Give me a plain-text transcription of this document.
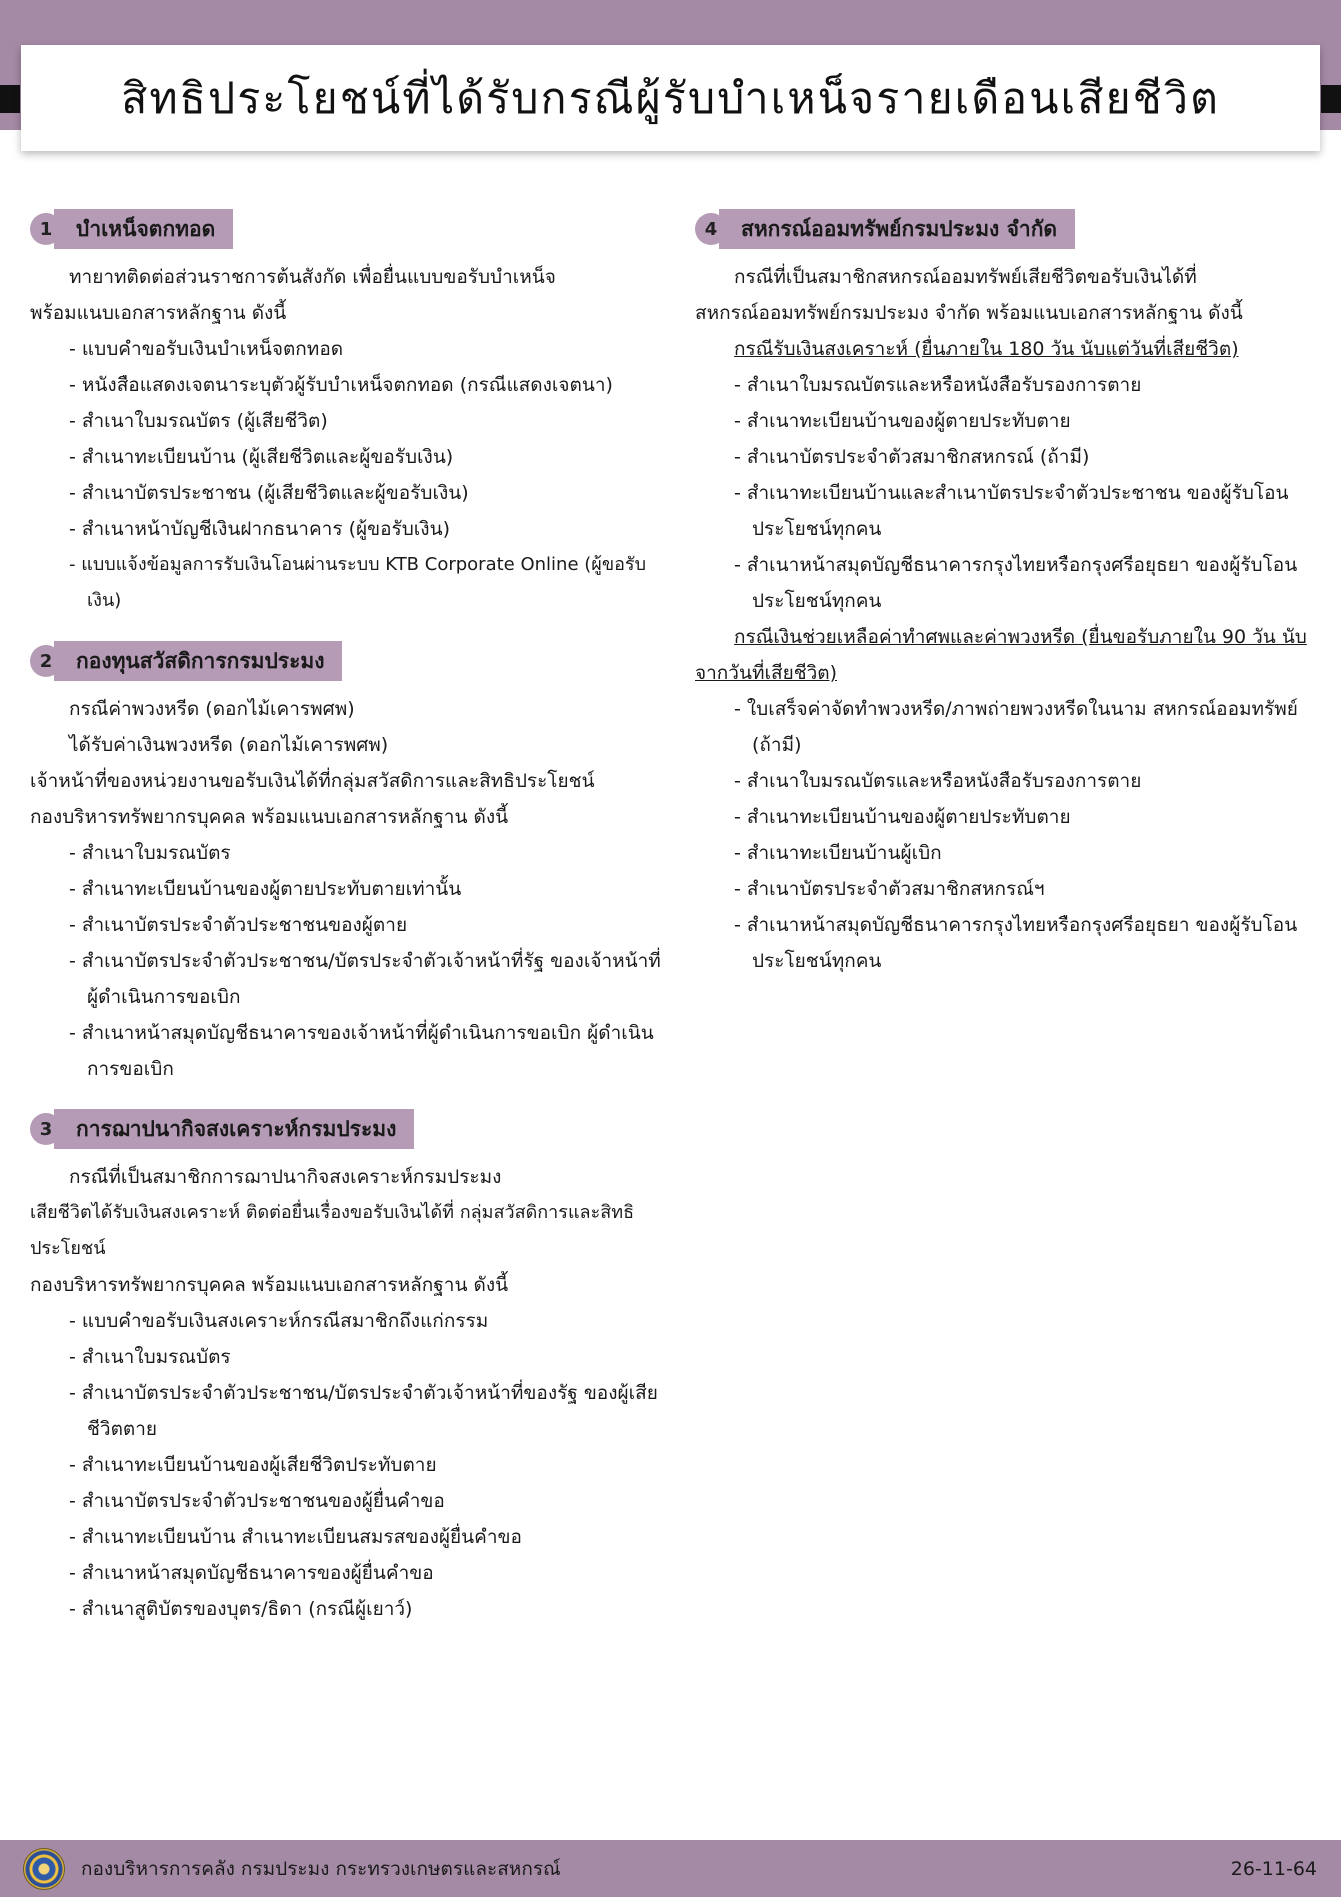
สิทธิประโยชน์ที่ได้รับกรณีผู้รับบำเหน็จรายเดือนเสียชีวิต
1	บำเหน็จตกทอด

ทายาทติดต่อส่วนราชการต้นสังกัด เพื่อยื่นแบบขอรับบำเหน็จ

พร้อมแนบเอกสารหลักฐาน ดังนี้

- แบบคำขอรับเงินบำเหน็จตกทอด
- หนังสือแสดงเจตนาระบุตัวผู้รับบำเหน็จตกทอด (กรณีแสดงเจตนา)
- สำเนาใบมรณบัตร (ผู้เสียชีวิต)
- สำเนาทะเบียนบ้าน (ผู้เสียชีวิตและผู้ขอรับเงิน)
- สำเนาบัตรประชาชน (ผู้เสียชีวิตและผู้ขอรับเงิน)
- สำเนาหน้าบัญชีเงินฝากธนาคาร (ผู้ขอรับเงิน)
- แบบแจ้งข้อมูลการรับเงินโอนผ่านระบบ KTB Corporate Online (ผู้ขอรับเงิน)
2	กองทุนสวัสดิการกรมประมง

กรณีค่าพวงหรีด (ดอกไม้เคารพศพ)

ได้รับค่าเงินพวงหรีด (ดอกไม้เคารพศพ)

เจ้าหน้าที่ของหน่วยงานขอรับเงินได้ที่กลุ่มสวัสดิการและสิทธิประโยชน์

กองบริหารทรัพยากรบุคคล พร้อมแนบเอกสารหลักฐาน ดังนี้

- สำเนาใบมรณบัตร
- สำเนาทะเบียนบ้านของผู้ตายประทับตายเท่านั้น
- สำเนาบัตรประจำตัวประชาชนของผู้ตาย
- สำเนาบัตรประจำตัวประชาชน/บัตรประจำตัวเจ้าหน้าที่รัฐ ของเจ้าหน้าที่ผู้ดำเนินการขอเบิก
- สำเนาหน้าสมุดบัญชีธนาคารของเจ้าหน้าที่ผู้ดำเนินการขอเบิก ผู้ดำเนินการขอเบิก
3	การฌาปนากิจสงเคราะห์กรมประมง

กรณีที่เป็นสมาชิกการฌาปนากิจสงเคราะห์กรมประมง

เสียชีวิตได้รับเงินสงเคราะห์ ติดต่อยื่นเรื่องขอรับเงินได้ที่ กลุ่มสวัสดิการและสิทธิประโยชน์

กองบริหารทรัพยากรบุคคล พร้อมแนบเอกสารหลักฐาน ดังนี้

- แบบคำขอรับเงินสงเคราะห์กรณีสมาชิกถึงแก่กรรม
- สำเนาใบมรณบัตร
- สำเนาบัตรประจำตัวประชาชน/บัตรประจำตัวเจ้าหน้าที่ของรัฐ ของผู้เสียชีวิตตาย
- สำเนาทะเบียนบ้านของผู้เสียชีวิตประทับตาย
- สำเนาบัตรประจำตัวประชาชนของผู้ยื่นคำขอ
- สำเนาทะเบียนบ้าน สำเนาทะเบียนสมรสของผู้ยื่นคำขอ
- สำเนาหน้าสมุดบัญชีธนาคารของผู้ยื่นคำขอ
- สำเนาสูติบัตรของบุตร/ธิดา (กรณีผู้เยาว์)
4	สหกรณ์ออมทรัพย์กรมประมง จำกัด

กรณีที่เป็นสมาชิกสหกรณ์ออมทรัพย์เสียชีวิตขอรับเงินได้ที่

สหกรณ์ออมทรัพย์กรมประมง จำกัด พร้อมแนบเอกสารหลักฐาน ดังนี้

กรณีรับเงินสงเคราะห์ (ยื่นภายใน 180 วัน นับแต่วันที่เสียชีวิต)

- สำเนาใบมรณบัตรและหรือหนังสือรับรองการตาย
- สำเนาทะเบียนบ้านของผู้ตายประทับตาย
- สำเนาบัตรประจำตัวสมาชิกสหกรณ์ (ถ้ามี)
- สำเนาทะเบียนบ้านและสำเนาบัตรประจำตัวประชาชน ของผู้รับโอนประโยชน์ทุกคน
- สำเนาหน้าสมุดบัญชีธนาคารกรุงไทยหรือกรุงศรีอยุธยา ของผู้รับโอนประโยชน์ทุกคน

กรณีเงินช่วยเหลือค่าทำศพและค่าพวงหรีด (ยื่นขอรับภายใน 90 วัน นับจากวันที่เสียชีวิต)

- ใบเสร็จค่าจัดทำพวงหรีด/ภาพถ่ายพวงหรีดในนาม สหกรณ์ออมทรัพย์ (ถ้ามี)
- สำเนาใบมรณบัตรและหรือหนังสือรับรองการตาย
- สำเนาทะเบียนบ้านของผู้ตายประทับตาย
- สำเนาทะเบียนบ้านผู้เบิก
- สำเนาบัตรประจำตัวสมาชิกสหกรณ์ฯ
- สำเนาหน้าสมุดบัญชีธนาคารกรุงไทยหรือกรุงศรีอยุธยา ของผู้รับโอนประโยชน์ทุกคน
กองบริหารการคลัง กรมประมง กระทรวงเกษตรและสหกรณ์	26-11-64
